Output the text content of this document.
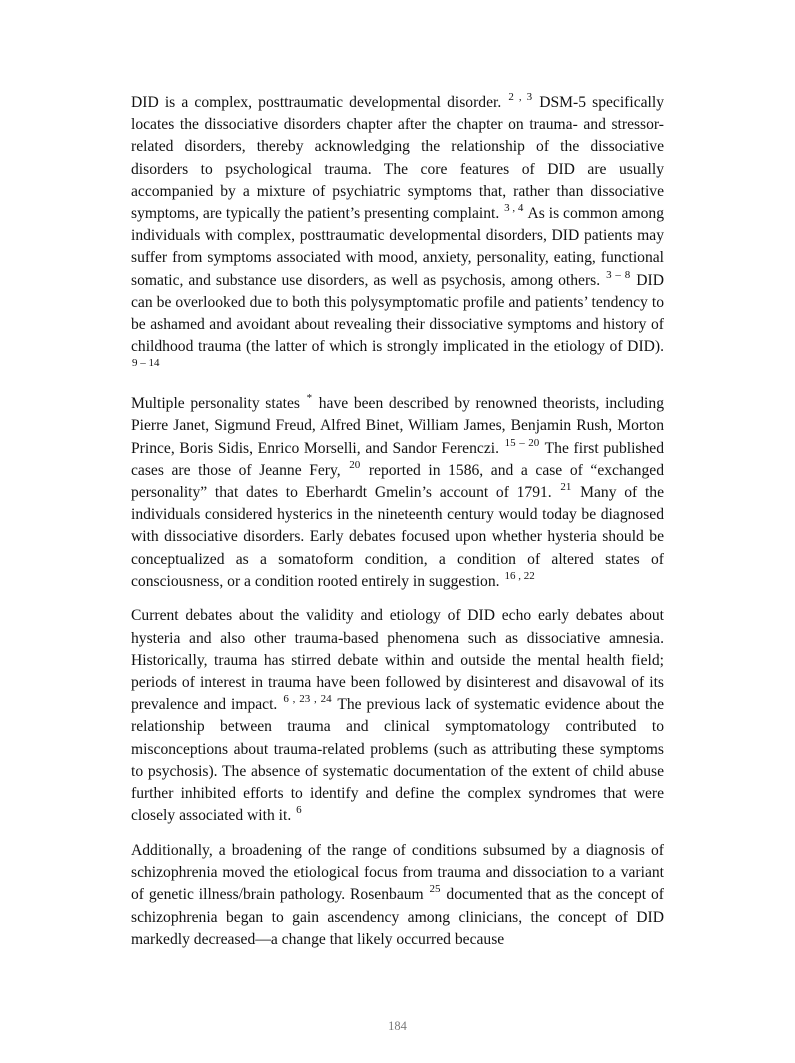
DID is a complex, posttraumatic developmental disorder. $^{2 , 3}$ DSM-5 specifically locates the dissociative disorders chapter after the chapter on trauma- and stressor-related disorders, thereby acknowledging the relationship of the dissociative disorders to psychological trauma. The core features of DID are usually accompanied by a mixture of psychiatric symptoms that, rather than dissociative symptoms, are typically the patient’s presenting complaint. $^{3 , 4}$ As is common among individuals with complex, posttraumatic developmental disorders, DID patients may suffer from symptoms associated with mood, anxiety, personality, eating, functional somatic, and substance use disorders, as well as psychosis, among others. $^{3 - 8}$ DID can be overlooked due to both this polysymptomatic profile and patients’ tendency to be ashamed and avoidant about revealing their dissociative symptoms and history of childhood trauma (the latter of which is strongly implicated in the etiology of DID). $^{9 - 14}$

Multiple personality states * have been described by renowned theorists, including Pierre Janet, Sigmund Freud, Alfred Binet, William James, Benjamin Rush, Morton Prince, Boris Sidis, Enrico Morselli, and Sandor Ferenczi. $^{15 - 20}$ The first published cases are those of Jeanne Fery, $^{20}$ reported in 1586, and a case of “exchanged personality” that dates to Eberhardt Gmelin’s account of 1791. $^{21}$ Many of the individuals considered hysterics in the nineteenth century would today be diagnosed with dissociative disorders. Early debates focused upon whether hysteria should be conceptualized as a somatoform condition, a condition of altered states of consciousness, or a condition rooted entirely in suggestion. $^{16 , 22}$

Current debates about the validity and etiology of DID echo early debates about hysteria and also other trauma-based phenomena such as dissociative amnesia. Historically, trauma has stirred debate within and outside the mental health field; periods of interest in trauma have been followed by disinterest and disavowal of its prevalence and impact. $^{6 , 23 , 24}$ The previous lack of systematic evidence about the relationship between trauma and clinical symptomatology contributed to misconceptions about trauma-related problems (such as attributing these symptoms to psychosis). The absence of systematic documentation of the extent of child abuse further inhibited efforts to identify and define the complex syndromes that were closely associated with it. $^6$

Additionally, a broadening of the range of conditions subsumed by a diagnosis of schizophrenia moved the etiological focus from trauma and dissociation to a variant of genetic illness/brain pathology. Rosenbaum $^{25}$ documented that as the concept of schizophrenia began to gain ascendency among clinicians, the concept of DID markedly decreased—a change that likely occurred because

184
